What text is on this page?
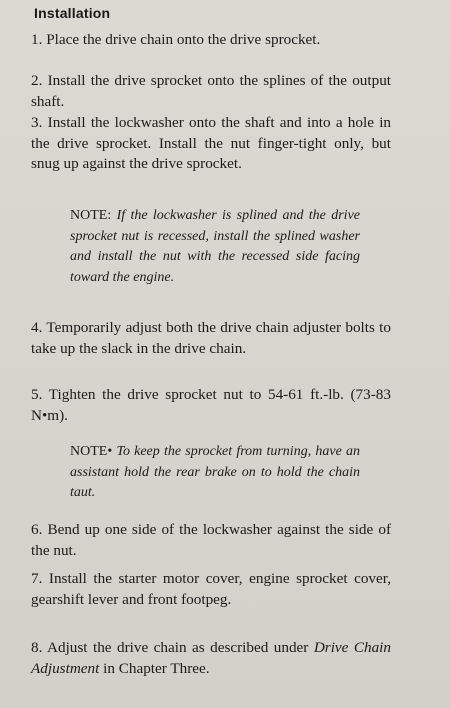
Installation
1. Place the drive chain onto the drive sprocket.
2. Install the drive sprocket onto the splines of the output shaft.
3. Install the lockwasher onto the shaft and into a hole in the drive sprocket. Install the nut finger-tight only, but snug up against the drive sprocket.
NOTE: If the lockwasher is splined and the drive sprocket nut is recessed, install the splined washer and install the nut with the recessed side facing toward the engine.
4. Temporarily adjust both the drive chain adjuster bolts to take up the slack in the drive chain.
5. Tighten the drive sprocket nut to 54-61 ft.-lb. (73-83 N•m).
NOTE• To keep the sprocket from turning, have an assistant hold the rear brake on to hold the chain taut.
6. Bend up one side of the lockwasher against the side of the nut.
7. Install the starter motor cover, engine sprocket cover, gearshift lever and front footpeg.
8. Adjust the drive chain as described under Drive Chain Adjustment in Chapter Three.
